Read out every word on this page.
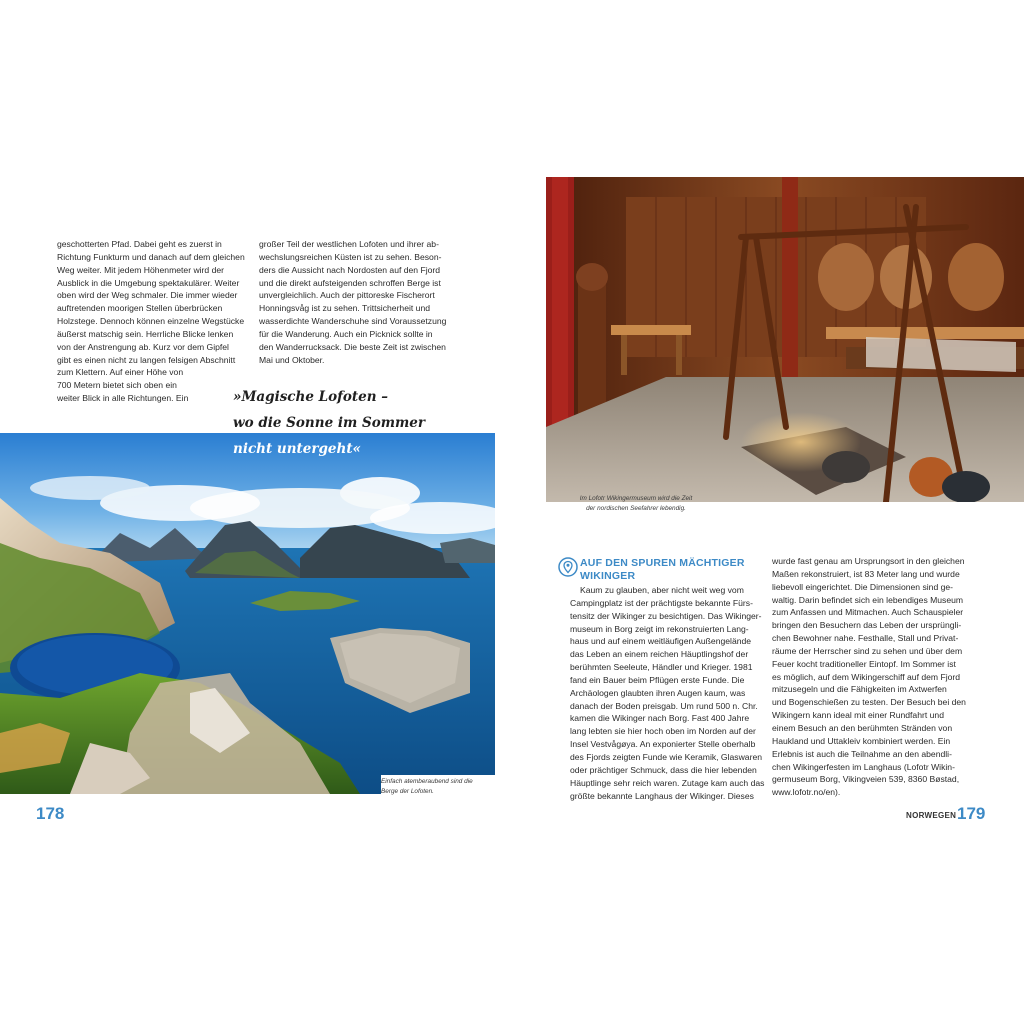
geschotterten Pfad. Dabei geht es zuerst in
Richtung Funkturm und danach auf dem gleichen
Weg weiter. Mit jedem Höhenmeter wird der
Ausblick in die Umgebung spektakulärer. Weiter
oben wird der Weg schmaler. Die immer wieder
auftretenden moorigen Stellen überbrücken
Holzstege. Dennoch können einzelne Wegstücke
äußerst matschig sein. Herrliche Blicke lenken
von der Anstrengung ab. Kurz vor dem Gipfel
gibt es einen nicht zu langen felsigen Abschnitt
zum Klettern. Auf einer Höhe von
700 Metern bietet sich oben ein
weiter Blick in alle Richtungen. Ein

großer Teil der westlichen Lofoten und ihrer ab-
wechslungsreichen Küsten ist zu sehen. Beson-
ders die Aussicht nach Nordosten auf den Fjord
und die direkt aufsteigenden schroffen Berge ist
unvergleichlich. Auch der pittoreske Fischerort
Honningsvåg ist zu sehen. Trittsicherheit und
wasserdichte Wanderschuhe sind Voraussetzung
für die Wanderung. Auch ein Picknick sollte in
den Wanderrucksack. Die beste Zeit ist zwischen
Mai und Oktober.

»Magische Lofoten –
wo die Sonne im Sommer
nicht untergeht«

Einfach atemberaubend sind die
Berge der Lofoten.

178

Im Lofotr Wikingermuseum wird die Zeit
der nordischen Seefahrer lebendig.

AUF DEN SPUREN MÄCHTIGER
WIKINGER

Kaum zu glauben, aber nicht weit weg vom
Campingplatz ist der prächtigste bekannte Fürs-
tensitz der Wikinger zu besichtigen. Das Wikinger-
museum in Borg zeigt im rekonstruierten Lang-
haus und auf einem weitläufigen Außengelände
das Leben an einem reichen Häuptlingshof der
berühmten Seeleute, Händler und Krieger. 1981
fand ein Bauer beim Pflügen erste Funde. Die
Archäologen glaubten ihren Augen kaum, was
danach der Boden preisgab. Um rund 500 n. Chr.
kamen die Wikinger nach Borg. Fast 400 Jahre
lang lebten sie hier hoch oben im Norden auf der
Insel Vestvågøya. An exponierter Stelle oberhalb
des Fjords zeigten Funde wie Keramik, Glaswaren
oder prächtiger Schmuck, dass die hier lebenden
Häuptlinge sehr reich waren. Zutage kam auch das
größte bekannte Langhaus der Wikinger. Dieses

wurde fast genau am Ursprungsort in den gleichen
Maßen rekonstruiert, ist 83 Meter lang und wurde
liebevoll eingerichtet. Die Dimensionen sind ge-
waltig. Darin befindet sich ein lebendiges Museum
zum Anfassen und Mitmachen. Auch Schauspieler
bringen den Besuchern das Leben der ursprüngli-
chen Bewohner nahe. Festhalle, Stall und Privat-
räume der Herrscher sind zu sehen und über dem
Feuer kocht traditioneller Eintopf. Im Sommer ist
es möglich, auf dem Wikingerschiff auf dem Fjord
mitzusegeln und die Fähigkeiten im Axtwerfen
und Bogenschießen zu testen. Der Besuch bei den
Wikingern kann ideal mit einer Rundfahrt und
einem Besuch an den berühmten Stränden von
Haukland und Uttakleiv kombiniert werden. Ein
Erlebnis ist auch die Teilnahme an den abendli-
chen Wikingerfesten im Langhaus (Lofotr Wikin-
germuseum Borg, Vikingveien 539, 8360 Bøstad,
www.lofotr.no/en).

NORWEGEN 179
